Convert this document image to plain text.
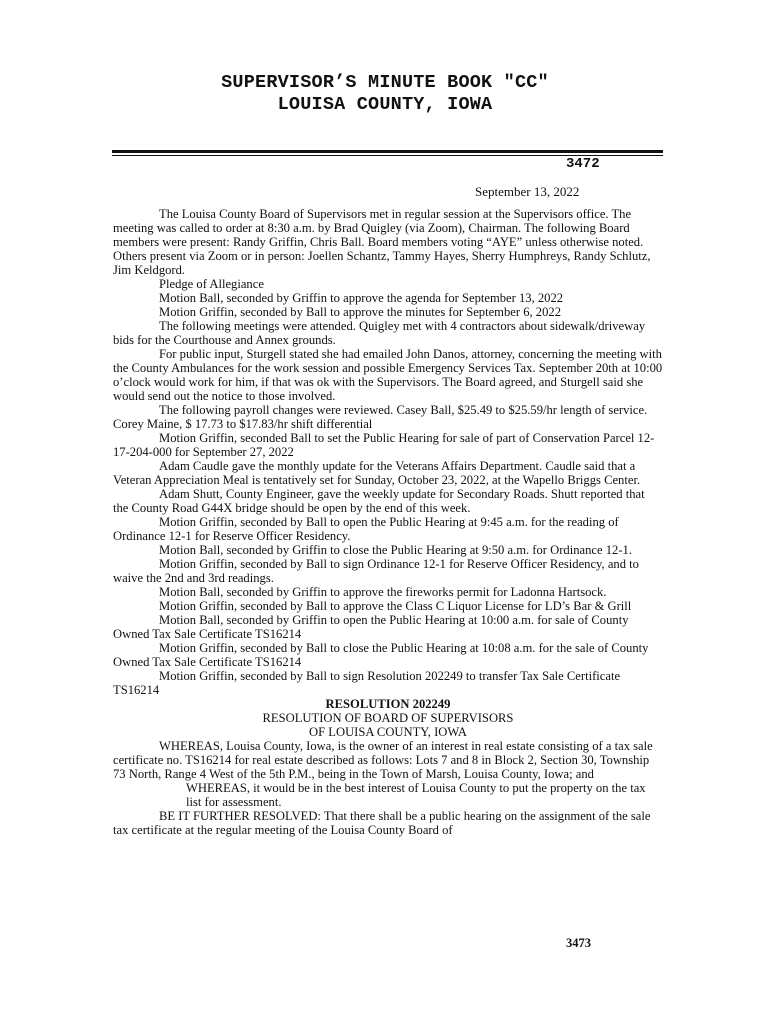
SUPERVISOR’S MINUTE BOOK "CC"
LOUISA COUNTY, IOWA
3472
September 13, 2022

The Louisa County Board of Supervisors met in regular session at the Supervisors office. The meeting was called to order at 8:30 a.m. by Brad Quigley (via Zoom), Chairman. The following Board members were present: Randy Griffin, Chris Ball. Board members voting “AYE” unless otherwise noted. Others present via Zoom or in person: Joellen Schantz, Tammy Hayes, Sherry Humphreys, Randy Schlutz, Jim Keldgord.

Pledge of Allegiance

Motion Ball, seconded by Griffin to approve the agenda for September 13, 2022

Motion Griffin, seconded by Ball to approve the minutes for September 6, 2022

The following meetings were attended. Quigley met with 4 contractors about sidewalk/driveway bids for the Courthouse and Annex grounds.

For public input, Sturgell stated she had emailed John Danos, attorney, concerning the meeting with the County Ambulances for the work session and possible Emergency Services Tax. September 20th at 10:00 o’clock would work for him, if that was ok with the Supervisors. The Board agreed, and Sturgell said she would send out the notice to those involved.

The following payroll changes were reviewed. Casey Ball, $25.49 to $25.59/hr length of service. Corey Maine, $ 17.73 to $17.83/hr shift differential

Motion Griffin, seconded Ball to set the Public Hearing for sale of part of Conservation Parcel 12-17-204-000 for September 27, 2022

Adam Caudle gave the monthly update for the Veterans Affairs Department. Caudle said that a Veteran Appreciation Meal is tentatively set for Sunday, October 23, 2022, at the Wapello Briggs Center.

Adam Shutt, County Engineer, gave the weekly update for Secondary Roads. Shutt reported that the County Road G44X bridge should be open by the end of this week.

Motion Griffin, seconded by Ball to open the Public Hearing at 9:45 a.m. for the reading of Ordinance 12-1 for Reserve Officer Residency.

Motion Ball, seconded by Griffin to close the Public Hearing at 9:50 a.m. for Ordinance 12-1.

Motion Griffin, seconded by Ball to sign Ordinance 12-1 for Reserve Officer Residency, and to waive the 2nd and 3rd readings.

Motion Ball, seconded by Griffin to approve the fireworks permit for Ladonna Hartsock.

Motion Griffin, seconded by Ball to approve the Class C Liquor License for LD’s Bar & Grill

Motion Ball, seconded by Griffin to open the Public Hearing at 10:00 a.m. for sale of County Owned Tax Sale Certificate TS16214

Motion Griffin, seconded by Ball to close the Public Hearing at 10:08 a.m. for the sale of County Owned Tax Sale Certificate TS16214

Motion Griffin, seconded by Ball to sign Resolution 202249 to transfer Tax Sale Certificate TS16214

RESOLUTION 202249

RESOLUTION OF BOARD OF SUPERVISORS

OF LOUISA COUNTY, IOWA

WHEREAS, Louisa County, Iowa, is the owner of an interest in real estate consisting of a tax sale certificate no. TS16214 for real estate described as follows: Lots 7 and 8 in Block 2, Section 30, Township 73 North, Range 4 West of the 5th P.M., being in the Town of Marsh, Louisa County, Iowa; and

WHEREAS, it would be in the best interest of Louisa County to put the property on the tax list for assessment.

BE IT FURTHER RESOLVED: That there shall be a public hearing on the assignment of the sale tax certificate at the regular meeting of the Louisa County Board of

3473
